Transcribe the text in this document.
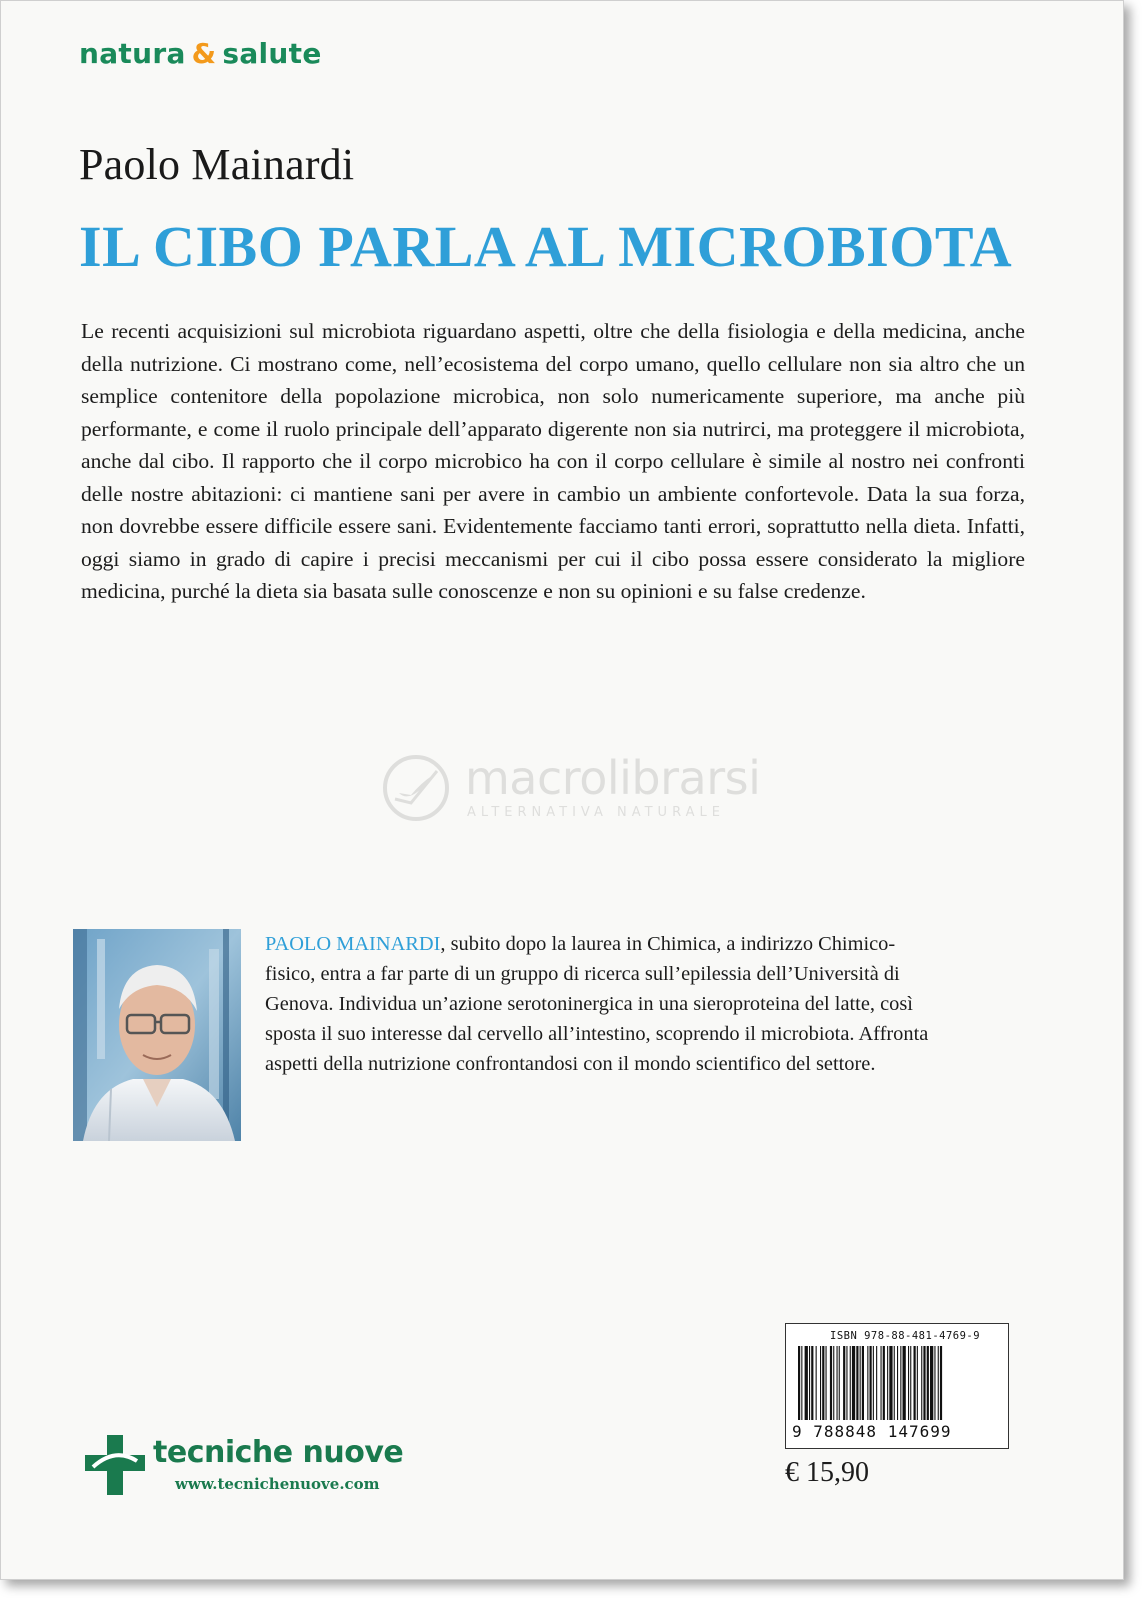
natura & salute
Paolo Mainardi
IL CIBO PARLA AL MICROBIOTA
Le recenti acquisizioni sul microbiota riguardano aspetti, oltre che della fisiologia e della medicina, anche della nutrizione. Ci mostrano come, nell’ecosistema del corpo umano, quello cellulare non sia altro che un semplice contenitore della popolazione microbica, non solo numericamente superiore, ma anche più performante, e come il ruolo principale dell’apparato digerente non sia nutrirci, ma proteggere il microbiota, anche dal cibo. Il rapporto che il corpo microbico ha con il corpo cellulare è simile al nostro nei confronti delle nostre abitazioni: ci mantiene sani per avere in cambio un ambiente confortevole. Data la sua forza, non dovrebbe essere difficile essere sani. Evidentemente facciamo tanti errori, soprattutto nella dieta. Infatti, oggi siamo in grado di capire i precisi meccanismi per cui il cibo possa essere considerato la migliore medicina, purché la dieta sia basata sulle conoscenze e non su opinioni e su false credenze.
macrolibrarsi
ALTERNATIVA NATURALE
PAOLO MAINARDI, subito dopo la laurea in Chimica, a indirizzo Chimico-fisico, entra a far parte di un gruppo di ricerca sull’epilessia dell’Università di Genova. Individua un’azione serotoninergica in una sieroproteina del latte, così sposta il suo interesse dal cervello all’intestino, scoprendo il microbiota. Affronta aspetti della nutrizione confrontandosi con il mondo scientifico del settore.
ISBN 978-88-481-4769-9
9 788848 147699
€ 15,90
tecniche nuove
www.tecnichenuove.com
